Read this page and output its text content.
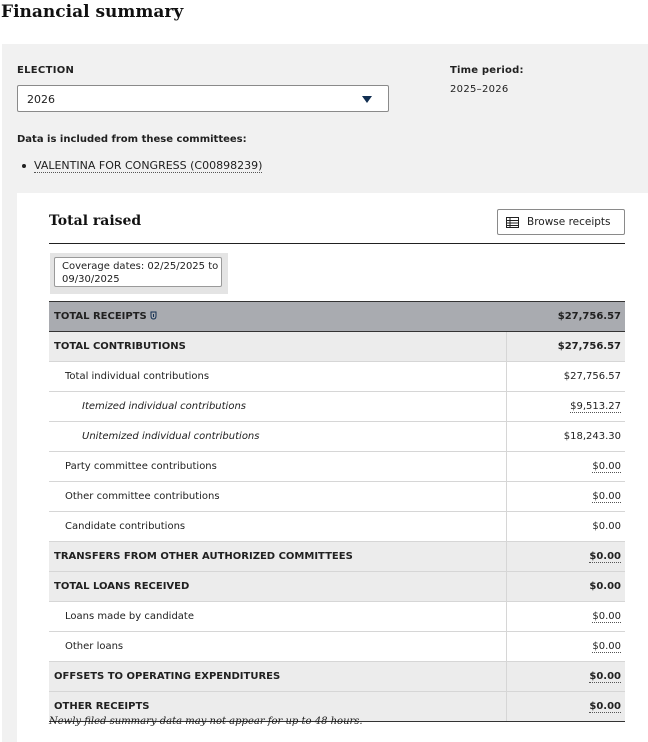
Financial summary
ELECTION
2026
Time period:
2025–2026
Data is included from these committees:
VALENTINA FOR CONGRESS (C00898239)
Total raised	Browse receipts
Coverage dates: 02/25/2025 to
09/30/2025
TOTAL RECEIPTS	$27,756.57
TOTAL CONTRIBUTIONS	$27,756.57
Total individual contributions	$27,756.57
Itemized individual contributions	$9,513.27
Unitemized individual contributions	$18,243.30
Party committee contributions	$0.00
Other committee contributions	$0.00
Candidate contributions	$0.00
TRANSFERS FROM OTHER AUTHORIZED COMMITTEES	$0.00
TOTAL LOANS RECEIVED	$0.00
Loans made by candidate	$0.00
Other loans	$0.00
OFFSETS TO OPERATING EXPENDITURES	$0.00
OTHER RECEIPTS	$0.00
Newly filed summary data may not appear for up to 48 hours.
